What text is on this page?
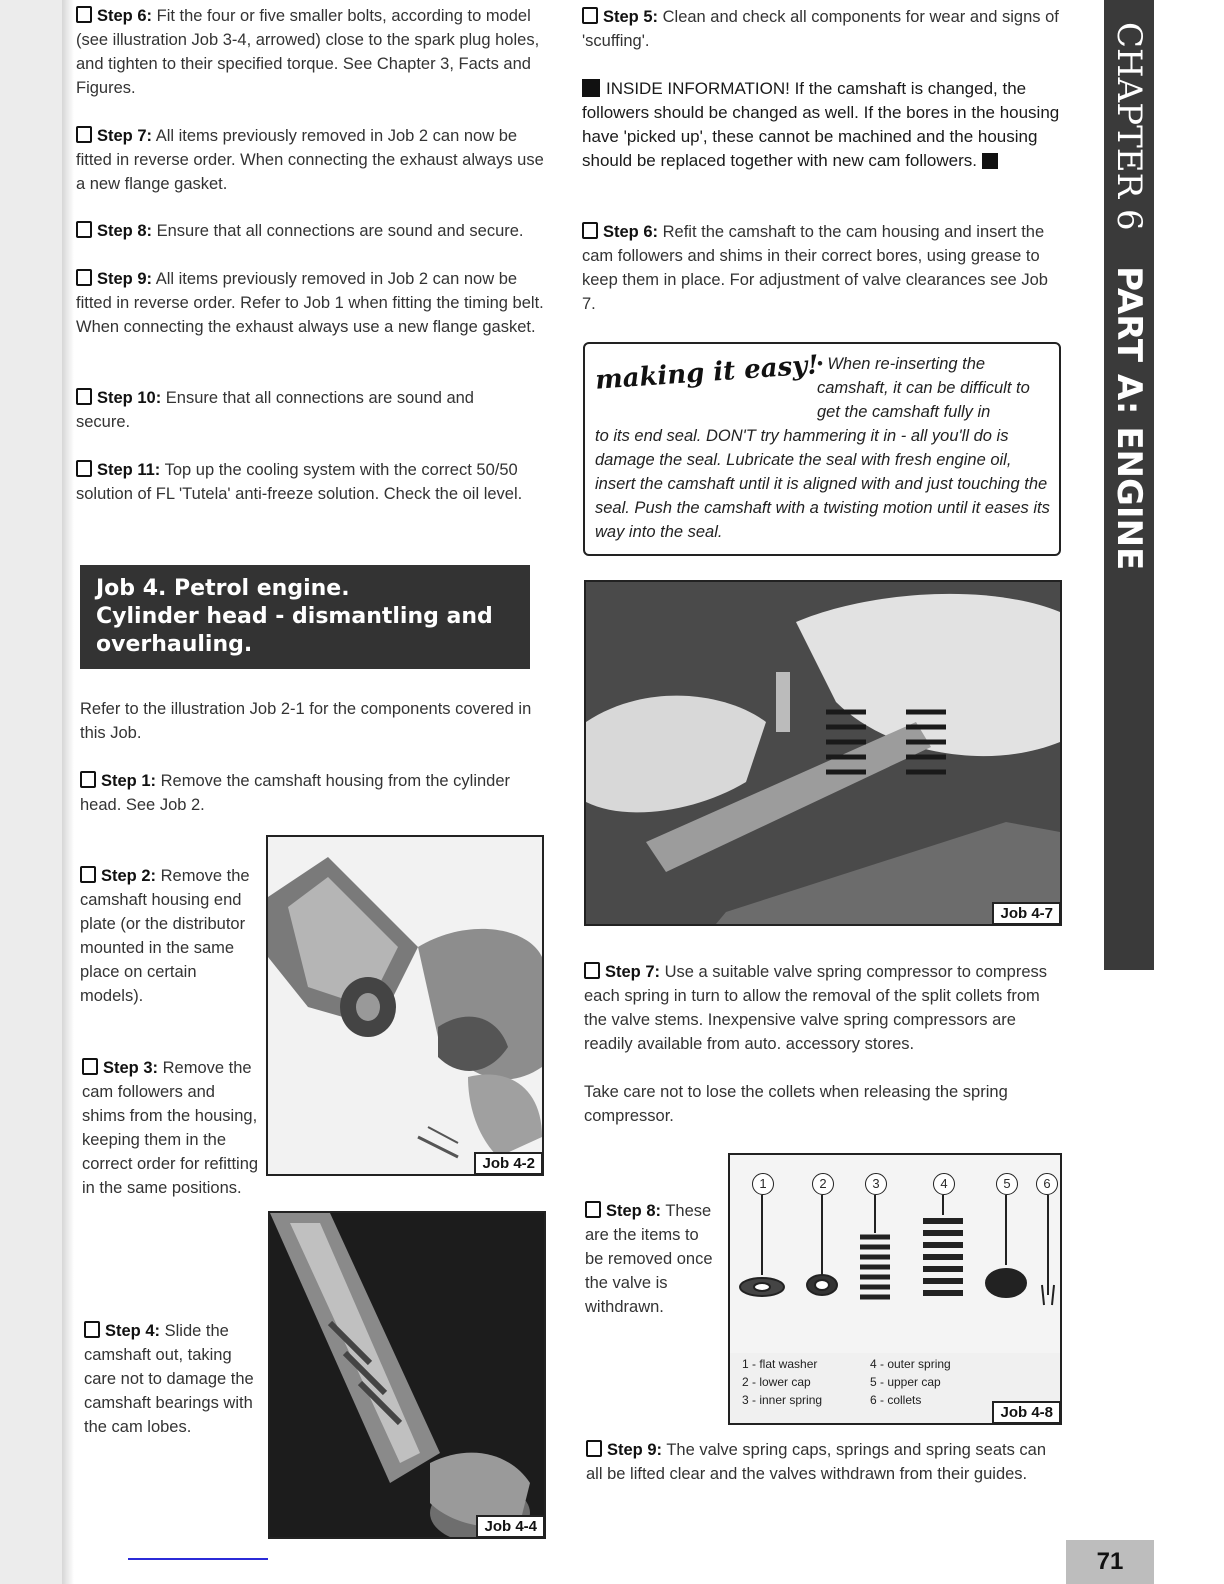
Step 6: Fit the four or five smaller bolts, according to model (see illustration Job 3-4, arrowed) close to the spark plug holes, and tighten to their specified torque. See Chapter 3, Facts and Figures.

Step 7: All items previously removed in Job 2 can now be fitted in reverse order. When connecting the exhaust always use a new flange gasket.

Step 8: Ensure that all connections are sound and secure.

Step 9: All items previously removed in Job 2 can now be fitted in reverse order. Refer to Job 1 when fitting the timing belt. When connecting the exhaust always use a new flange gasket.

Step 10: Ensure that all connections are sound and secure.

Step 11: Top up the cooling system with the correct 50/50 solution of FL 'Tutela' anti-freeze solution. Check the oil level.

Job 4. Petrol engine.
Cylinder head - dismantling and
overhauling.

Refer to the illustration Job 2-1 for the components covered in this Job.

Step 1: Remove the camshaft housing from the cylinder head. See Job 2.

Step 2: Remove the camshaft housing end plate (or the distributor mounted in the same place on certain models).

Step 3: Remove the cam followers and shims from the housing, keeping them in the correct order for refitting in the same positions.

Step 4: Slide the camshaft out, taking care not to damage the camshaft bearings with the cam lobes.

Job 4-2
Job 4-4

Step 5: Clean and check all components for wear and signs of 'scuffing'.

INSIDE INFORMATION! If the camshaft is changed, the followers should be changed as well. If the bores in the housing have 'picked up', these cannot be machined and the housing should be replaced together with new cam followers.

Step 6: Refit the camshaft to the cam housing and insert the cam followers and shims in their correct bores, using grease to keep them in place. For adjustment of valve clearances see Job 7.

making it easy!
• When re-inserting the camshaft, it can be difficult to get the camshaft fully in
to its end seal. DON'T try hammering it in - all you'll do is damage the seal. Lubricate the seal with fresh engine oil, insert the camshaft until it is aligned with and just touching the seal. Push the camshaft with a twisting motion until it eases its way into the seal.
Job 4-7

Step 7: Use a suitable valve spring compressor to compress each spring in turn to allow the removal of the split collets from the valve stems. Inexpensive valve spring compressors are readily available from auto. accessory stores.

Take care not to lose the collets when releasing the spring compressor.

Step 8: These are the items to be removed once the valve is withdrawn.

1	2	3	4	5	6
1 - flat washer
2 - lower cap
3 - inner spring
4 - outer spring
5 - upper cap
6 - collets
Job 4-8

Step 9: The valve spring caps, springs and spring seats can all be lifted clear and the valves withdrawn from their guides.

CHAPTER 6   PART A: ENGINE
71
